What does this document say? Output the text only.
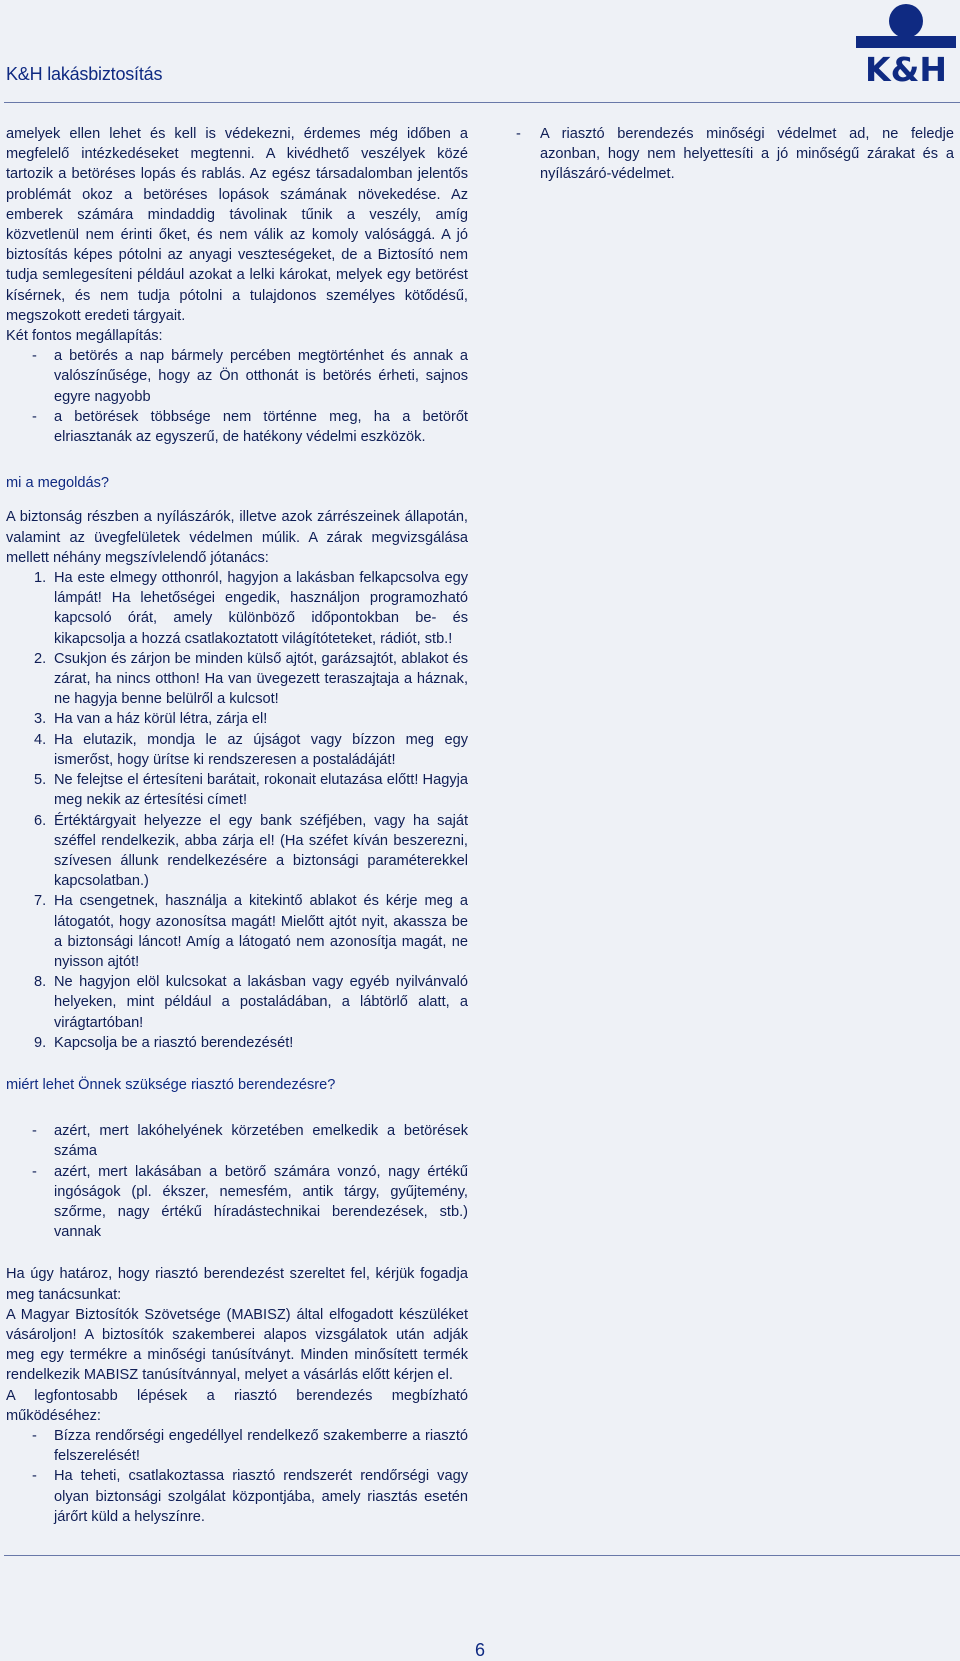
K&H lakásbiztosítás	K&H

amelyek ellen lehet és kell is védekezni, érdemes még időben a megfelelő intézkedéseket megtenni. A kivédhető veszélyek közé tartozik a betöréses lopás és rablás. Az egész társadalomban jelentős problémát okoz a betöréses lopások számának növekedése. Az emberek számára mindaddig távolinak tűnik a veszély, amíg közvetlenül nem érinti őket, és nem válik az komoly valósággá. A jó biztosítás képes pótolni az anyagi veszteségeket, de a Biztosító nem tudja semlegesíteni például azokat a lelki károkat, melyek egy betörést kísérnek, és nem tudja pótolni a tulajdonos személyes kötődésű, megszokott eredeti tárgyait.

Két fontos megállapítás:

- a betörés a nap bármely percében megtörténhet és annak a valószínűsége, hogy az Ön otthonát is betörés érheti, sajnos egyre nagyobb
- a betörések többsége nem történne meg, ha a betörőt elriasztanák az egyszerű, de hatékony védelmi eszközök.

mi a megoldás?

A biztonság részben a nyílászárók, illetve azok zárrészeinek állapotán, valamint az üvegfelületek védelmen múlik. A zárak megvizsgálása mellett néhány megszívlelendő jótanács:

1. Ha este elmegy otthonról, hagyjon a lakásban felkapcsolva egy lámpát! Ha lehetőségei engedik, használjon programozható kapcsoló órát, amely különböző időpontokban be- és kikapcsolja a hozzá csatlakoztatott világítóteteket, rádiót, stb.!
2. Csukjon és zárjon be minden külső ajtót, garázsajtót, ablakot és zárat, ha nincs otthon! Ha van üvegezett teraszajtaja a háznak, ne hagyja benne belülről a kulcsot!
3. Ha van a ház körül létra, zárja el!
4. Ha elutazik, mondja le az újságot vagy bízzon meg egy ismerőst, hogy ürítse ki rendszeresen a postaládáját!
5. Ne felejtse el értesíteni barátait, rokonait elutazása előtt! Hagyja meg nekik az értesítési címet!
6. Értéktárgyait helyezze el egy bank széfjében, vagy ha saját széffel rendelkezik, abba zárja el! (Ha széfet kíván beszerezni, szívesen állunk rendelkezésére a biztonsági paraméterekkel kapcsolatban.)
7. Ha csengetnek, használja a kitekintő ablakot és kérje meg a látogatót, hogy azonosítsa magát! Mielőtt ajtót nyit, akassza be a biztonsági láncot! Amíg a látogató nem azonosítja magát, ne nyisson ajtót!
8. Ne hagyjon elöl kulcsokat a lakásban vagy egyéb nyilvánvaló helyeken, mint például a postaládában, a lábtörlő alatt, a virágtartóban!
9. Kapcsolja be a riasztó berendezését!

miért lehet Önnek szüksége riasztó berendezésre?

- azért, mert lakóhelyének körzetében emelkedik a betörések száma
- azért, mert lakásában a betörő számára vonzó, nagy értékű ingóságok (pl. ékszer, nemesfém, antik tárgy, gyűjtemény, szőrme, nagy értékű híradástechnikai berendezések, stb.) vannak

Ha úgy határoz, hogy riasztó berendezést szereltet fel, kérjük fogadja meg tanácsunkat:

A Magyar Biztosítók Szövetsége (MABISZ) által elfogadott készüléket vásároljon! A biztosítók szakemberei alapos vizsgálatok után adják meg egy termékre a minőségi tanúsítványt. Minden minősített termék rendelkezik MABISZ tanúsítvánnyal, melyet a vásárlás előtt kérjen el.

A legfontosabb lépések a riasztó berendezés megbízható működéséhez:

- Bízza rendőrségi engedéllyel rendelkező szakemberre a riasztó felszerelését!
- Ha teheti, csatlakoztassa riasztó rendszerét rendőrségi vagy olyan biztonsági szolgálat központjába, amely riasztás esetén járőrt küld a helyszínre.
- A riasztó berendezés minőségi védelmet ad, ne feledje azonban, hogy nem helyettesíti a jó minőségű zárakat és a nyílászáró-védelmet.
6
